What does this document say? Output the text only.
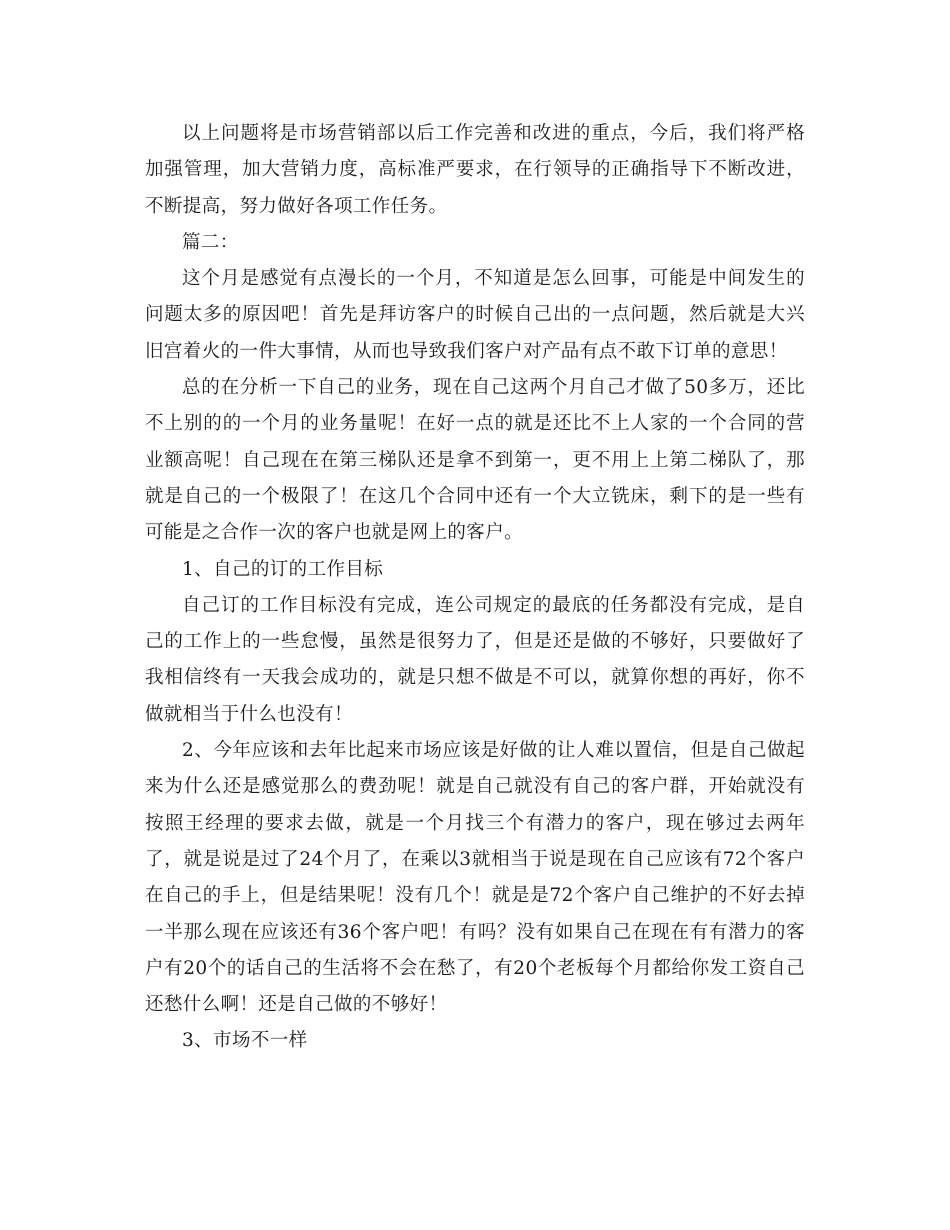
以上问题将是市场营销部以后工作完善和改进的重点，今后，我们将严格加强管理，加大营销力度，高标准严要求，在行领导的正确指导下不断改进，不断提高，努力做好各项工作任务。

篇二：

这个月是感觉有点漫长的一个月，不知道是怎么回事，可能是中间发生的问题太多的原因吧！首先是拜访客户的时候自己出的一点问题，然后就是大兴旧宫着火的一件大事情，从而也导致我们客户对产品有点不敢下订单的意思！

总的在分析一下自己的业务，现在自己这两个月自己才做了50多万，还比不上别的的一个月的业务量呢！在好一点的就是还比不上人家的一个合同的营业额高呢！自己现在在第三梯队还是拿不到第一，更不用上上第二梯队了，那就是自己的一个极限了！在这几个合同中还有一个大立铣床，剩下的是一些有可能是之合作一次的客户也就是网上的客户。

1、自己的订的工作目标

自己订的工作目标没有完成，连公司规定的最底的任务都没有完成，是自己的工作上的一些怠慢，虽然是很努力了，但是还是做的不够好，只要做好了我相信终有一天我会成功的，就是只想不做是不可以，就算你想的再好，你不做就相当于什么也没有！

2、今年应该和去年比起来市场应该是好做的让人难以置信，但是自己做起来为什么还是感觉那么的费劲呢！就是自己就没有自己的客户群，开始就没有按照王经理的要求去做，就是一个月找三个有潜力的客户，现在够过去两年了，就是说是过了24个月了，在乘以3就相当于说是现在自己应该有72个客户在自己的手上，但是结果呢！没有几个！就是是72个客户自己维护的不好去掉一半那么现在应该还有36个客户吧！有吗？没有如果自己在现在有有潜力的客户有20个的话自己的生活将不会在愁了，有20个老板每个月都给你发工资自己还愁什么啊！还是自己做的不够好！

3、市场不一样
